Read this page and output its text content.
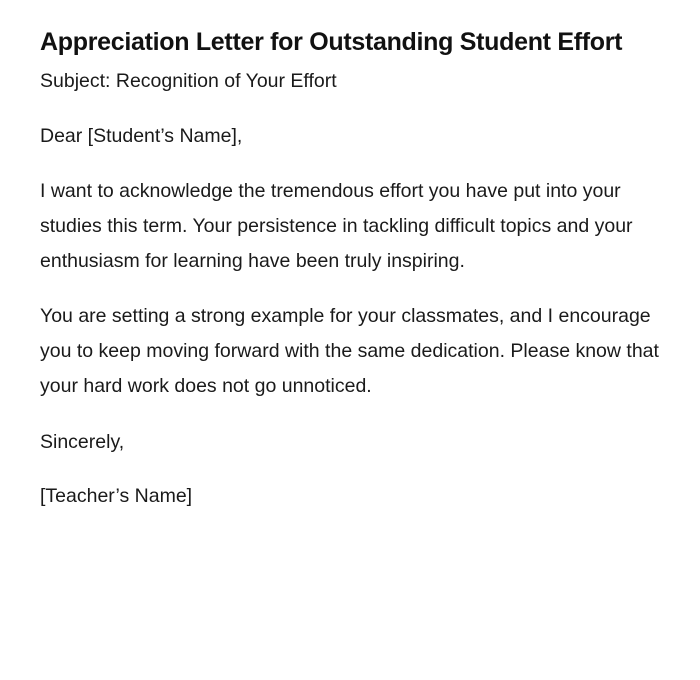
Appreciation Letter for Outstanding Student Effort

Subject: Recognition of Your Effort

Dear [Student’s Name],

I want to acknowledge the tremendous effort you have put into your studies this term. Your persistence in tackling difficult topics and your enthusiasm for learning have been truly inspiring.

You are setting a strong example for your classmates, and I encourage you to keep moving forward with the same dedication. Please know that your hard work does not go unnoticed.

Sincerely,

[Teacher’s Name]
